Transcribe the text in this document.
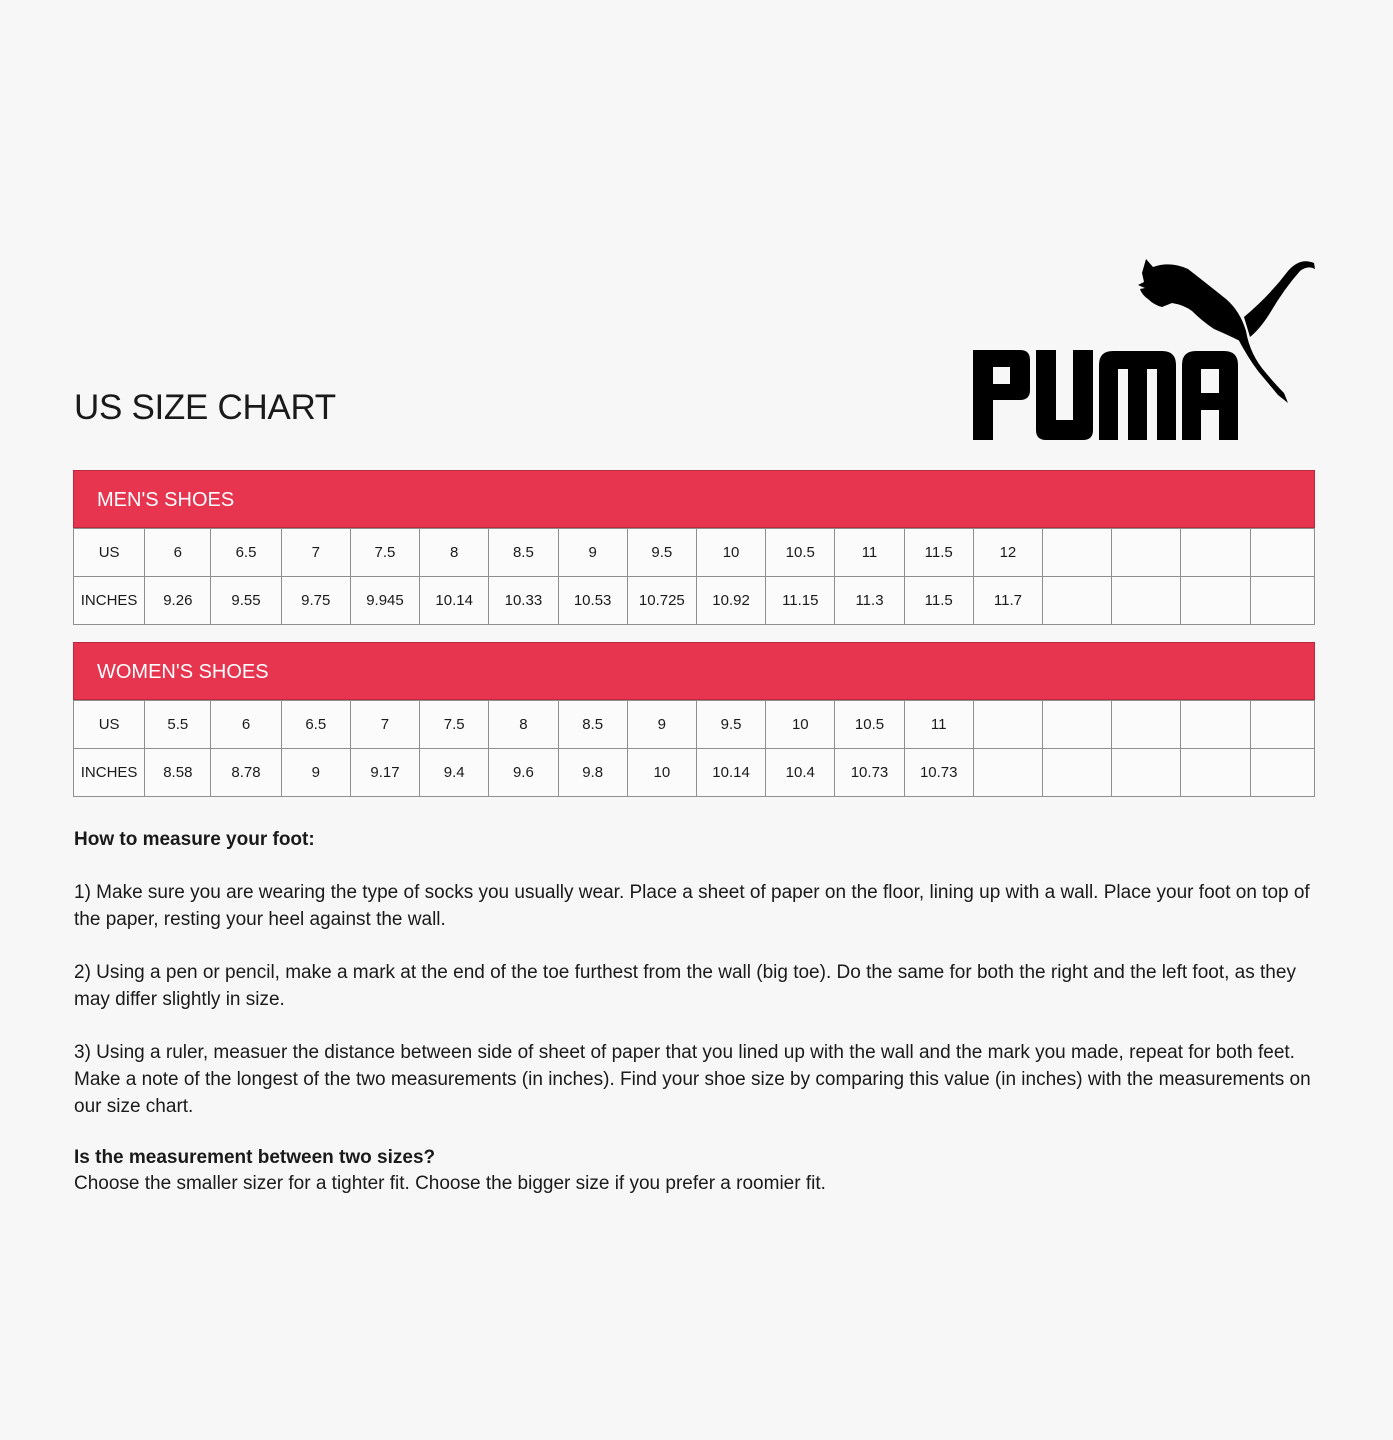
US SIZE CHART
MEN'S SHOES
US	6	6.5	7	7.5	8	8.5	9	9.5	10	10.5	11	11.5	12				
INCHES	9.26	9.55	9.75	9.945	10.14	10.33	10.53	10.725	10.92	11.15	11.3	11.5	11.7				
WOMEN'S SHOES
US	5.5	6	6.5	7	7.5	8	8.5	9	9.5	10	10.5	11					
INCHES	8.58	8.78	9	9.17	9.4	9.6	9.8	10	10.14	10.4	10.73	10.73					
How to measure your foot:

1) Make sure you are wearing the type of socks you usually wear. Place a sheet of paper on the floor, lining up with a wall. Place your foot on top of the paper, resting your heel against the wall.

2) Using a pen or pencil, make a mark at the end of the toe furthest from the wall (big toe). Do the same for both the right and the left foot, as they may differ slightly in size.

3) Using a ruler, measuer the distance between side of sheet of paper that you lined up with the wall and the mark you made, repeat for both feet. Make a note of the longest of the two measurements (in inches). Find your shoe size by comparing this value (in inches) with the measurements on our size chart.

Is the measurement between two sizes?

Choose the smaller sizer for a tighter fit. Choose the bigger size if you prefer a roomier fit.
